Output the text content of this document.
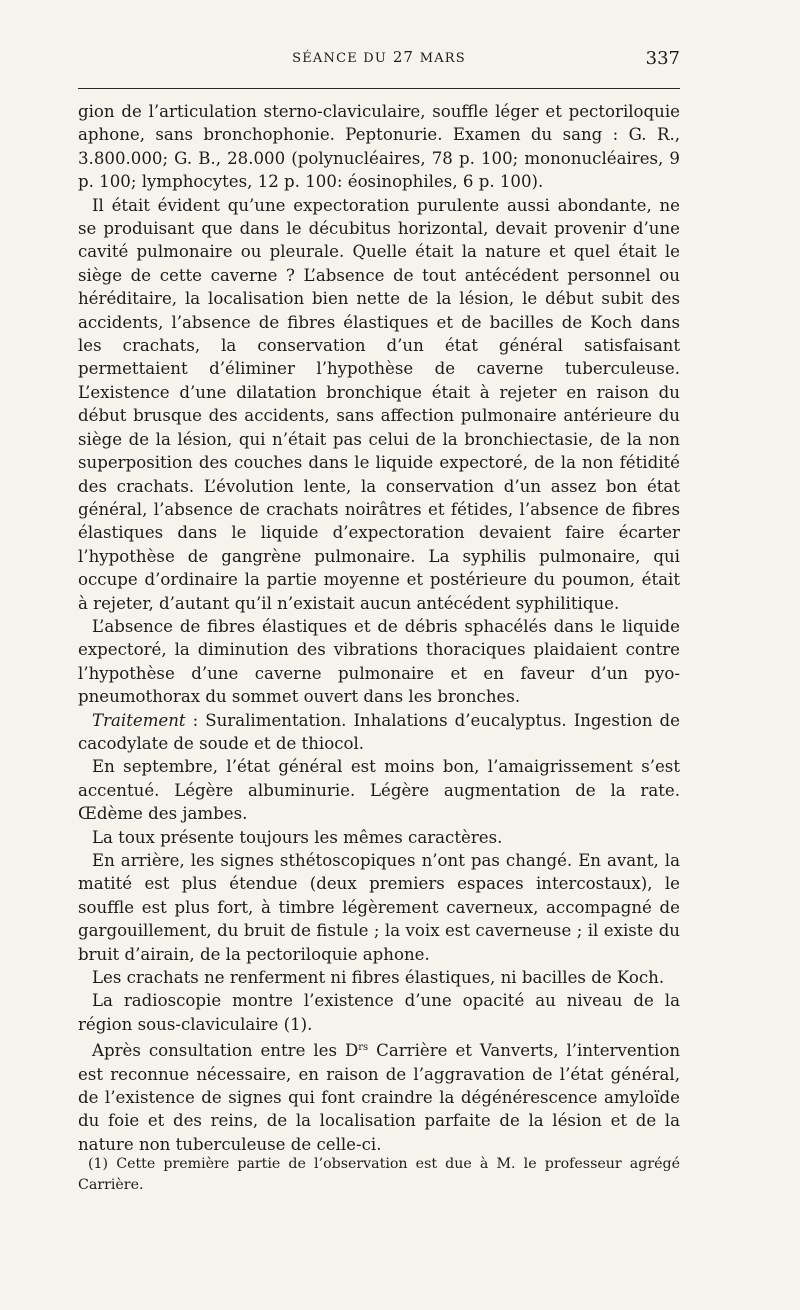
SÉANCE DU 27 MARS	337

gion de l’articulation sterno-claviculaire, souffle léger et pectoriloquie aphone, sans bronchophonie. Peptonurie. Examen du sang : G. R., 3.800.000; G. B., 28.000 (polynucléaires, 78 p. 100; mononucléaires, 9 p. 100; lymphocytes, 12 p. 100: éosinophiles, 6 p. 100).

Il était évident qu’une expectoration purulente aussi abondante, ne se produisant que dans le décubitus horizontal, devait provenir d’une cavité pulmonaire ou pleurale. Quelle était la nature et quel était le siège de cette caverne ? L’absence de tout antécédent personnel ou héréditaire, la localisation bien nette de la lésion, le début subit des accidents, l’absence de fibres élastiques et de bacilles de Koch dans les crachats, la conservation d’un état général satisfaisant permettaient d’éliminer l’hypothèse de caverne tuberculeuse. L’existence d’une dilatation bronchique était à rejeter en raison du début brusque des accidents, sans affection pulmonaire antérieure du siège de la lésion, qui n’était pas celui de la bronchiectasie, de la non superposition des couches dans le liquide expectoré, de la non fétidité des crachats. L’évolution lente, la conservation d’un assez bon état général, l’absence de crachats noirâtres et fétides, l’absence de fibres élastiques dans le liquide d’expectoration devaient faire écarter l’hypothèse de gangrène pulmonaire. La syphilis pulmonaire, qui occupe d’ordinaire la partie moyenne et postérieure du poumon, était à rejeter, d’autant qu’il n’existait aucun antécédent syphilitique.

L’absence de fibres élastiques et de débris sphacélés dans le liquide expectoré, la diminution des vibrations thoraciques plaidaient contre l’hypothèse d’une caverne pulmonaire et en faveur d’un pyo-pneumothorax du sommet ouvert dans les bronches.

Traitement : Suralimentation. Inhalations d’eucalyptus. Ingestion de cacodylate de soude et de thiocol.

En septembre, l’état général est moins bon, l’amaigrissement s’est accentué. Légère albuminurie. Légère augmentation de la rate. Œdème des jambes.

La toux présente toujours les mêmes caractères.

En arrière, les signes sthétoscopiques n’ont pas changé. En avant, la matité est plus étendue (deux premiers espaces intercostaux), le souffle est plus fort, à timbre légèrement caverneux, accompagné de gargouillement, du bruit de fistule ; la voix est caverneuse ; il existe du bruit d’airain, de la pectoriloquie aphone.

Les crachats ne renferment ni fibres élastiques, ni bacilles de Koch.

La radioscopie montre l’existence d’une opacité au niveau de la région sous-claviculaire (1).

Après consultation entre les $D^{rs}$ Carrière et Vanverts, l’intervention est reconnue nécessaire, en raison de l’aggravation de l’état général, de l’existence de signes qui font craindre la dégénérescence amyloïde du foie et des reins, de la localisation parfaite de la lésion et de la nature non tuberculeuse de celle-ci.

(1) Cette première partie de l’observation est due à M. le professeur agrégé Carrière.
